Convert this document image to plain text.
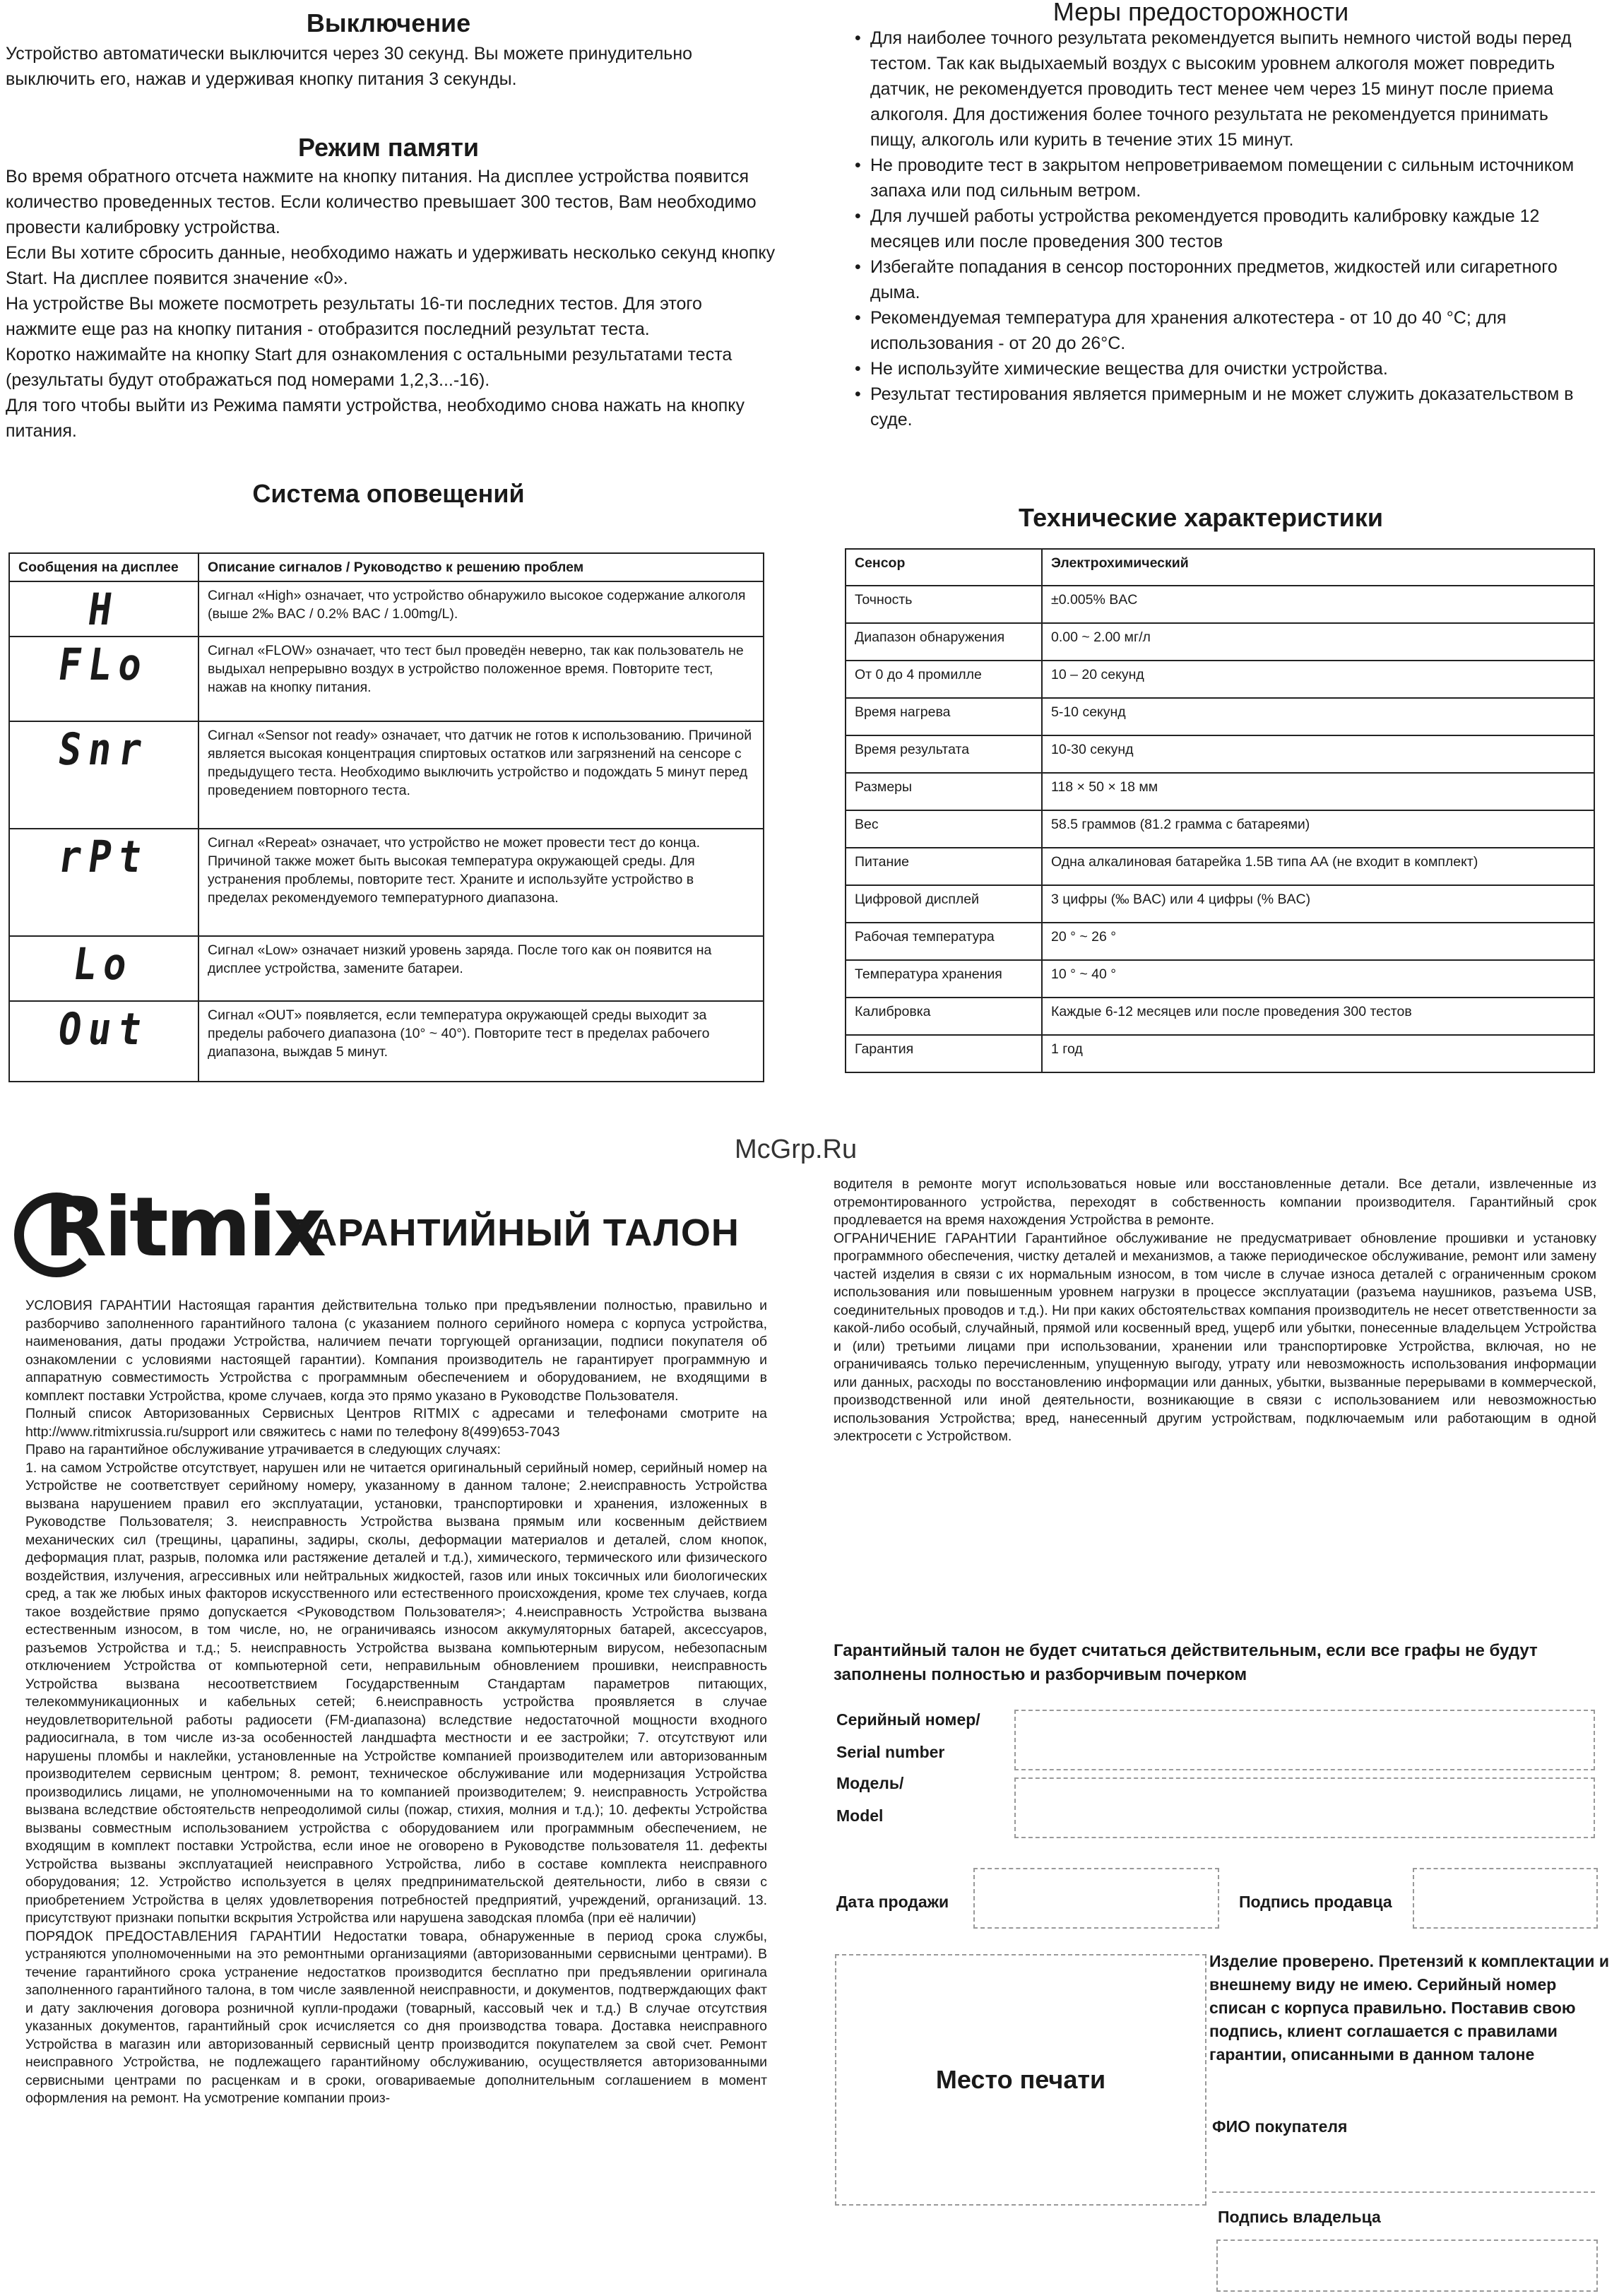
Выключение

Устройство автоматически выключится через 30 секунд. Вы можете принудительно выключить его, нажав и удерживая кнопку питания 3 секунды.

Режим памяти

Во время обратного отсчета нажмите на кнопку питания. На дисплее устройства появится количество проведенных тестов. Если количество превышает 300 тестов, Вам необходимо провести калибровку устройства.

Если Вы хотите сбросить данные, необходимо нажать и удерживать несколько секунд кнопку Start. На дисплее появится значение «0».

На устройстве Вы можете посмотреть результаты 16-ти последних тестов. Для этого нажмите еще раз на кнопку питания - отобразится последний результат теста.

Коротко нажимайте на кнопку Start для ознакомления с остальными результатами теста (результаты будут отображаться под номерами 1,2,3...-16).

Для того чтобы выйти из Режима памяти устройства, необходимо снова нажать на кнопку питания.

Система оповещений
Сообщения на дисплее	Описание сигналов / Руководство к решению проблем

H	Сигнал «High» означает, что устройство обнаружило высокое содержание алкоголя (выше 2‰ BAC / 0.2% BAC / 1.00mg/L).

FLo	Сигнал «FLOW» означает, что тест был проведён неверно, так как пользователь не выдыхал непрерывно воздух в устройство положенное время. Повторите тест, нажав на кнопку питания.

Snr	Сигнал «Sensor not ready» означает, что датчик не готов к использованию. Причиной является высокая концентрация спиртовых остатков или загрязнений на сенсоре с предыдущего теста. Необходимо выключить устройство и подождать 5 минут перед проведением повторного теста.

rPt	Сигнал «Repeat» означает, что устройство не может провести тест до конца. Причиной также может быть высокая температура окружающей среды. Для устранения проблемы, повторите тест. Храните и используйте устройство в пределах рекомендуемого температурного диапазона.

Lo	Сигнал «Low» означает низкий уровень заряда. После того как он появится на дисплее устройства, замените батареи.

Out	Сигнал «OUT» появляется, если температура окружающей среды выходит за пределы рабочего диапазона (10° ~ 40°). Повторите тест в пределах рабочего диапазона, выждав 5 минут.
Меры предосторожности
• Для наиболее точного результата рекомендуется выпить немного чистой воды перед тестом. Так как выдыхаемый воздух с высоким уровнем алкоголя может повредить датчик, не рекомендуется проводить тест менее чем через 15 минут после приема алкоголя. Для достижения более точного результата не рекомендуется принимать пищу, алкоголь или курить в течение этих 15 минут.
• Не проводите тест в закрытом непроветриваемом помещении с сильным источником запаха или под сильным ветром.
• Для лучшей работы устройства рекомендуется проводить калибровку каждые 12 месяцев или после проведения 300 тестов
• Избегайте попадания в сенсор посторонних предметов, жидкостей или сигаретного дыма.
• Рекомендуемая температура для хранения алкотестера - от 10 до 40 °C; для использования - от 20 до 26°C.
• Не используйте химические вещества для очистки устройства.
• Результат тестирования является примерным и не может служить доказательством в суде.
Технические характеристики
Сенсор	Электрохимический
Точность	±0.005% BAC
Диапазон обнаружения	0.00 ~ 2.00 мг/л
От 0 до 4 промилле	10 – 20 секунд
Время нагрева	5-10 секунд
Время результата	10-30 секунд
Размеры	118 × 50 × 18 мм
Вес	58.5 граммов (81.2 грамма с батареями)
Питание	Одна алкалиновая батарейка 1.5В типа АА (не входит в комплект)
Цифровой дисплей	3 цифры (‰ BAC) или 4 цифры (% BAC)
Рабочая температура	20 ° ~ 26 °
Температура хранения	10 ° ~ 40 °
Калибровка	Каждые 6-12 месяцев или после проведения 300 тестов
Гарантия	1 год
McGrp.Ru
Ritmix
ГАРАНТИЙНЫЙ ТАЛОН

УСЛОВИЯ ГАРАНТИИ Настоящая гарантия действительна только при предъявлении полностью, правильно и разборчиво заполненного гарантийного талона (с указанием полного серийного номера с корпуса устройства, наименования, даты продажи Устройства, наличием печати торгующей организации, подписи покупателя об ознакомлении с условиями настоящей гарантии). Компания производитель не гарантирует программную и аппаратную совместимость Устройства с программным обеспечением и оборудованием, не входящими в комплект поставки Устройства, кроме случаев, когда это прямо указано в Руководстве Пользователя.

Полный список Авторизованных Сервисных Центров RITMIX с адресами и телефонами смотрите на http://www.ritmixrussia.ru/support или свяжитесь с нами по телефону 8(499)653-7043

Право на гарантийное обслуживание утрачивается в следующих случаях:

1. на самом Устройстве отсутствует, нарушен или не читается оригинальный серийный номер, серийный номер на Устройстве не соответствует серийному номеру, указанному в данном талоне; 2.неисправность Устройства вызвана нарушением правил его эксплуатации, установки, транспортировки и хранения, изложенных в Руководстве Пользователя; 3. неисправность Устройства вызвана прямым или косвенным действием механических сил (трещины, царапины, задиры, сколы, деформации материалов и деталей, слом кнопок, деформация плат, разрыв, поломка или растяжение деталей и т.д.), химического, термического или физического воздействия, излучения, агрессивных или нейтральных жидкостей, газов или иных токсичных или биологических сред, а так же любых иных факторов искусственного или естественного происхождения, кроме тех случаев, когда такое воздействие прямо допускается <Руководством Пользователя>; 4.неисправность Устройства вызвана естественным износом, в том числе, но, не ограничиваясь износом аккумуляторных батарей, аксессуаров, разъемов Устройства и т.д.; 5. неисправность Устройства вызвана компьютерным вирусом, небезопасным отключением Устройства от компьютерной сети, неправильным обновлением прошивки, неисправность Устройства вызвана несоответствием Государственным Стандартам параметров питающих, телекоммуникационных и кабельных сетей; 6.неисправность устройства проявляется в случае неудовлетворительной работы радиосети (FM-диапазона) вследствие недостаточной мощности входного радиосигнала, в том числе из-за особенностей ландшафта местности и ее застройки; 7. отсутствуют или нарушены пломбы и наклейки, установленные на Устройстве компанией производителем или авторизованным производителем сервисным центром; 8. ремонт, техническое обслуживание или модернизация Устройства производились лицами, не уполномоченными на то компанией производителем; 9. неисправность Устройства вызвана вследствие обстоятельств непреодолимой силы (пожар, стихия, молния и т.д.); 10. дефекты Устройства вызваны совместным использованием устройства с оборудованием или программным обеспечением, не входящим в комплект поставки Устройства, если иное не оговорено в Руководстве пользователя 11. дефекты Устройства вызваны эксплуатацией неисправного Устройства, либо в составе комплекта неисправного оборудования; 12. Устройство используется в целях предпринимательской деятельности, либо в связи с приобретением Устройства в целях удовлетворения потребностей предприятий, учреждений, организаций. 13. присутствуют признаки попытки вскрытия Устройства или нарушена заводская пломба (при её наличии)

ПОРЯДОК ПРЕДОСТАВЛЕНИЯ ГАРАНТИИ Недостатки товара, обнаруженные в период срока службы, устраняются уполномоченными на это ремонтными организациями (авторизованными сервисными центрами). В течение гарантийного срока устранение недостатков производится бесплатно при предъявлении оригинала заполненного гарантийного талона, в том числе заявленной неисправности, и документов, подтверждающих факт и дату заключения договора розничной купли-продажи (товарный, кассовый чек и т.д.) В случае отсутствия указанных документов, гарантийный срок исчисляется со дня производства товара. Доставка неисправного Устройства в магазин или авторизованный сервисный центр производится покупателем за свой счет. Ремонт неисправного Устройства, не подлежащего гарантийному обслуживанию, осуществляется авторизованными сервисными центрами по расценкам и в сроки, оговариваемые дополнительным соглашением в момент оформления на ремонт. На усмотрение компании произ-

водителя в ремонте могут использоваться новые или восстановленные детали. Все детали, извлеченные из отремонтированного устройства, переходят в собственность компании производителя. Гарантийный срок продлевается на время нахождения Устройства в ремонте.

ОГРАНИЧЕНИЕ ГАРАНТИИ Гарантийное обслуживание не предусматривает обновление прошивки и установку программного обеспечения, чистку деталей и механизмов, а также периодическое обслуживание, ремонт или замену частей изделия в связи с их нормальным износом, в том числе в случае износа деталей с ограниченным сроком использования или повышенным уровнем нагрузки в процессе эксплуатации (разъема наушников, разъема USB, соединительных проводов и т.д.). Ни при каких обстоятельствах компания производитель не несет ответственности за какой-либо особый, случайный, прямой или косвенный вред, ущерб или убытки, понесенные владельцем Устройства и (или) третьими лицами при использовании, хранении или транспортировке Устройства, включая, но не ограничиваясь только перечисленным, упущенную выгоду, утрату или невозможность использования информации или данных, расходы по восстановлению информации или данных, убытки, вызванные перерывами в коммерческой, производственной или иной деятельности, возникающие в связи с использованием или невозможностью использования Устройства; вред, нанесенный другим устройствам, подключаемым или работающим в одной электросети с Устройством.

Гарантийный талон не будет считаться действительным, если все графы не будут заполнены полностью и разборчивым почерком
Серийный номер/
Serial number
Модель/
Model
Дата продажи	Подпись продавца
Место печати
Изделие проверено. Претензий к комплектации и внешнему виду не имею. Серийный номер списан с корпуса правильно. Поставив свою подпись, клиент соглашается с правилами гарантии, описанными в данном талоне
ФИО покупателя
Подпись владельца
